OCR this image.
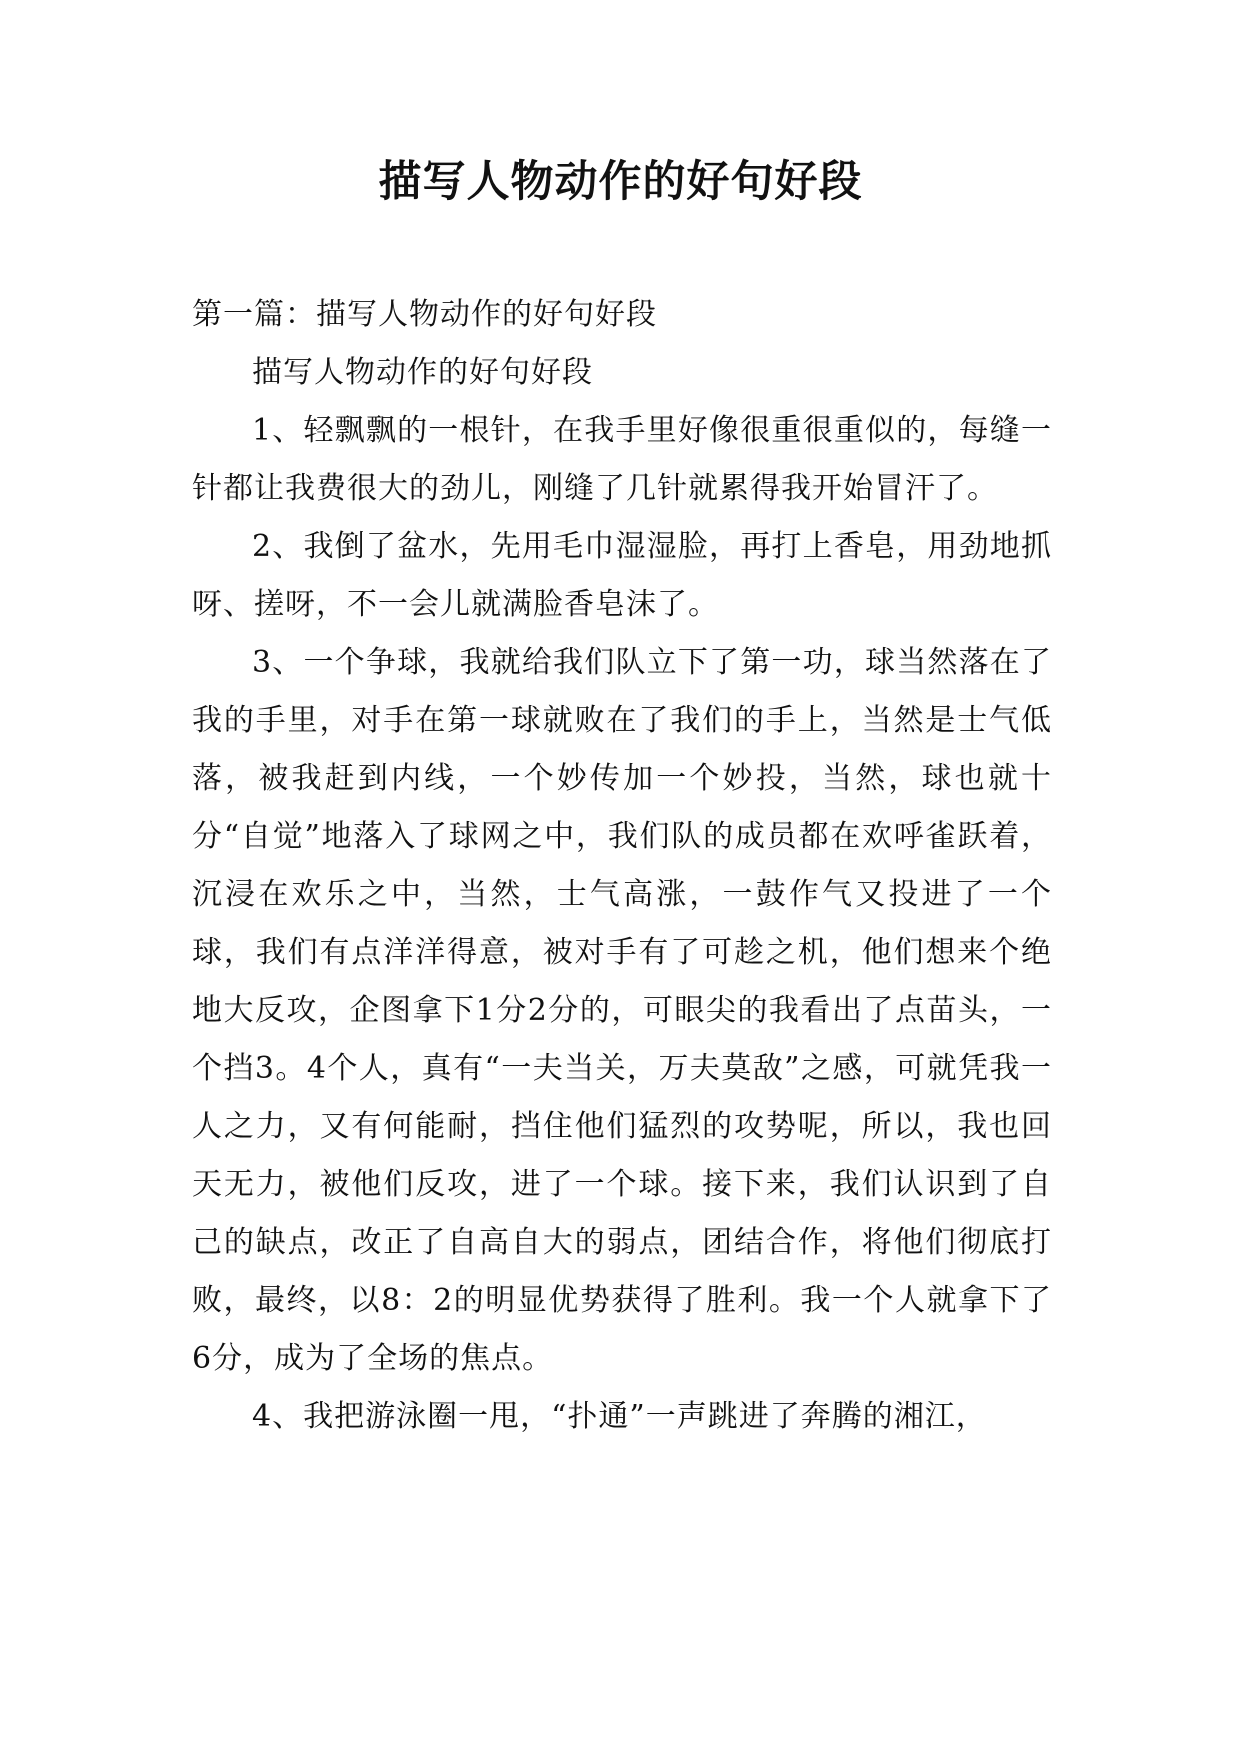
描写人物动作的好句好段

第一篇：描写人物动作的好句好段

描写人物动作的好句好段

1、轻飘飘的一根针，在我手里好像很重很重似的，每缝一针都让我费很大的劲儿，刚缝了几针就累得我开始冒汗了。

2、我倒了盆水，先用毛巾湿湿脸，再打上香皂，用劲地抓呀、搓呀，不一会儿就满脸香皂沫了。

3、一个争球，我就给我们队立下了第一功，球当然落在了我的手里，对手在第一球就败在了我们的手上，当然是士气低落，被我赶到内线，一个妙传加一个妙投，当然，球也就十分“自觉”地落入了球网之中，我们队的成员都在欢呼雀跃着，沉浸在欢乐之中，当然，士气高涨，一鼓作气又投进了一个球，我们有点洋洋得意，被对手有了可趁之机，他们想来个绝地大反攻，企图拿下1分2分的，可眼尖的我看出了点苗头，一个挡3。4个人，真有“一夫当关，万夫莫敌”之感，可就凭我一人之力，又有何能耐，挡住他们猛烈的攻势呢，所以，我也回天无力，被他们反攻，进了一个球。接下来，我们认识到了自己的缺点，改正了自高自大的弱点，团结合作，将他们彻底打败，最终，以8：2的明显优势获得了胜利。我一个人就拿下了6分，成为了全场的焦点。

4、我把游泳圈一甩，“扑通”一声跳进了奔腾的湘江，
